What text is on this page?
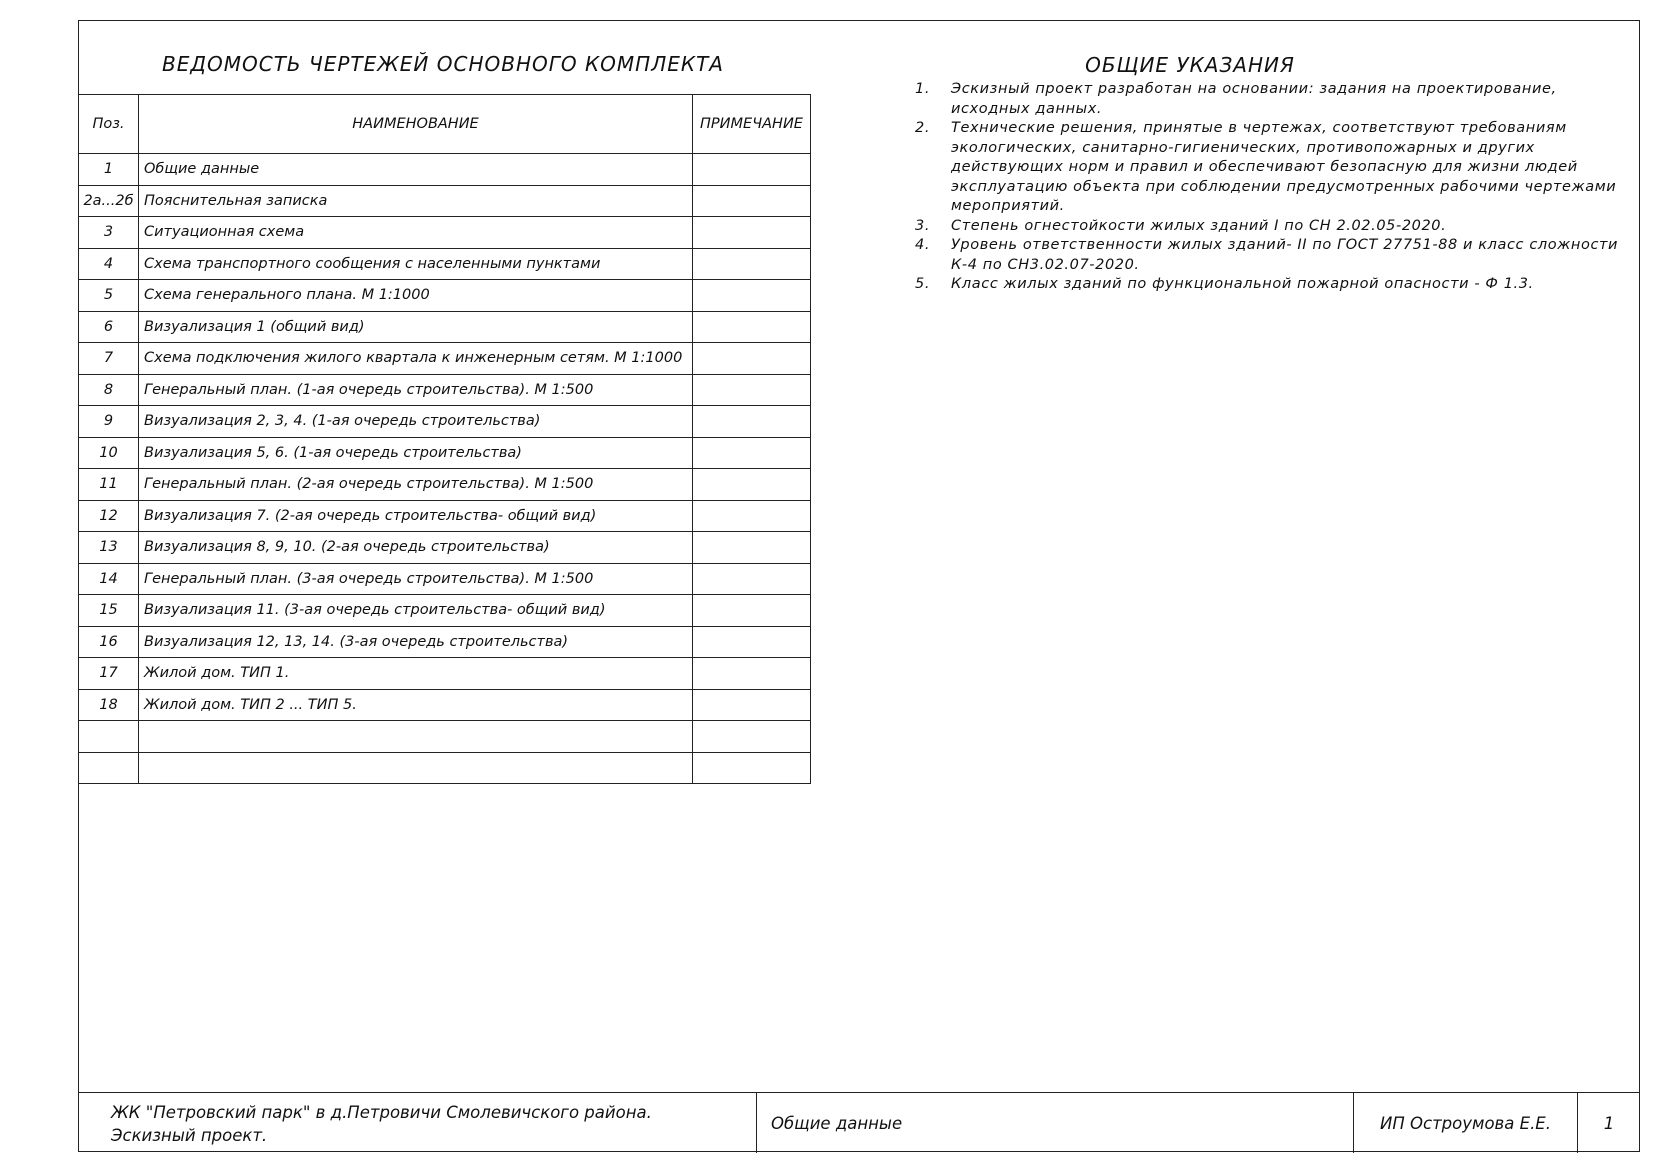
ВЕДОМОСТЬ ЧЕРТЕЖЕЙ ОСНОВНОГО КОМПЛЕКТА
Поз.	НАИМЕНОВАНИЕ	ПРИМЕЧАНИЕ
1	Общие данные	
2а...2б	Пояснительная записка	
3	Ситуационная схема	
4	Схема транспортного сообщения с населенными пунктами	
5	Схема генерального плана. М 1:1000	
6	Визуализация 1 (общий вид)	
7	Схема подключения жилого квартала к инженерным сетям. М 1:1000	
8	Генеральный план. (1-ая очередь строительства). М 1:500	
9	Визуализация 2, 3, 4. (1-ая очередь строительства)	
10	Визуализация 5, 6. (1-ая очередь строительства)	
11	Генеральный план. (2-ая очередь строительства). М 1:500	
12	Визуализация 7. (2-ая очередь строительства- общий вид)	
13	Визуализация 8, 9, 10. (2-ая очередь строительства)	
14	Генеральный план. (3-ая очередь строительства). М 1:500	
15	Визуализация 11. (3-ая очередь строительства- общий вид)	
16	Визуализация 12, 13, 14. (3-ая очередь строительства)	
17	Жилой дом. ТИП 1.	
18	Жилой дом. ТИП 2 ... ТИП 5.	

ОБЩИЕ УКАЗАНИЯ
1.	Эскизный проект разработан на основании: задания на проектирование, исходных данных.
2.	Технические решения, принятые в чертежах, соответствуют требованиям экологических, санитарно-гигиенических, противопожарных и других действующих норм и правил и обеспечивают безопасную для жизни людей эксплуатацию объекта при соблюдении предусмотренных рабочими чертежами мероприятий.
3.	Степень огнестойкости жилых зданий I по СН 2.02.05-2020.
4.	Уровень ответственности жилых зданий- II по ГОСТ 27751-88 и класс сложности К-4 по СН3.02.07-2020.
5.	Класс жилых зданий по функциональной пожарной опасности - Ф 1.3.
ЖК "Петровский парк" в д.Петровичи Смолевичского района.
Эскизный проект.
Общие данные	ИП Остроумова Е.Е.	1
